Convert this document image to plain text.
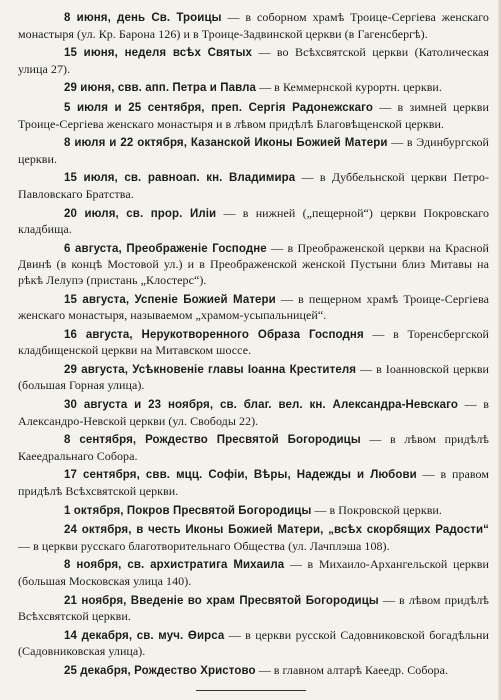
8 июня, день Св. Троицы — в соборном храмѣ Троице-Сергіева женскаго монастыря (ул. Кр. Барона 126) и в Троице-Задвинской церкви (в Гагенсбергѣ).

15 июня, неделя всѣх Святых — во Всѣхсвятской церкви (Католическая улица 27).

29 июня, свв. апп. Петра и Павла — в Кеммернской курортн. церкви.

5 июля и 25 сентября, преп. Сергія Радонежскаго — в зимней церкви Троице-Сергіева женскаго монастыря и в лѣвом придѣлѣ Благовѣщенской церкви.

8 июля и 22 октября, Казанской Иконы Божией Матери — в Эдинбургской церкви.

15 июля, св. равноап. кн. Владимира — в Дуббельнской церкви Петро-Павловскаго Братства.

20 июля, св. прор. Иліи — в нижней („пещерной“) церкви Покровскаго кладбища.

6 августа, Преображеніе Господне — в Преображенской церкви на Красной Двинѣ (в концѣ Мостовой ул.) и в Преображенской женской Пустыни близ Митавы на рѣкѣ Лелупэ (пристань „Клостерс“).

15 августа, Успеніе Божией Матери — в пещерном храмѣ Троице-Сергіева женскаго монастыря, называемом „храмом-усыпальницей“.

16 августа, Нерукотворенного Образа Господня — в Торенсбергской кладбищенской церкви на Митавском шоссе.

29 августа, Усѣкновеніе главы Іоанна Крестителя — в Іоанновской церкви (большая Горная улица).

30 августа и 23 ноября, св. благ. вел. кн. Александра-Невскаго — в Александро-Невской церкви (ул. Свободы 22).

8 сентября, Рождество Пресвятой Богородицы — в лѣвом придѣлѣ Каеедральнаго Собора.

17 сентября, свв. мцц. Софіи, Вѣры, Надежды и Любови — в правом придѣлѣ Всѣхсвятской церкви.

1 октября, Покров Пресвятой Богородицы — в Покровской церкви.

24 октября, в честь Иконы Божией Матери, „всѣх скорбящих Радости“ — в церкви русскаго благотворительнаго Общества (ул. Лачплэша 108).

8 ноября, св. архистратига Михаила — в Михаило-Архангельской церкви (большая Московская улица 140).

21 ноября, Введеніе во храм Пресвятой Богородицы — в лѣвом придѣлѣ Всѣхсвятской церкви.

14 декабря, св. муч. Өирса — в церкви русской Садовниковской богадѣльни (Садовниковская улица).

25 декабря, Рождество Христово — в главном алтарѣ Каеедр. Собора.
